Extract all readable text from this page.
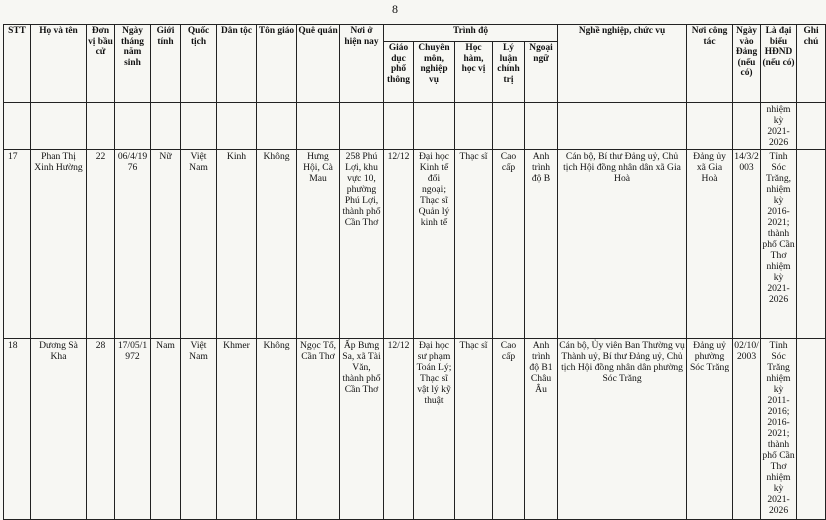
8
STT	Họ và tên	Đơn vị bầu cử	Ngày tháng năm sinh	Giới tính	Quốc tịch	Dân tộc	Tôn giáo	Quê quán	Nơi ở hiện nay	Trình độ					Nghề nghiệp, chức vụ	Nơi công tác	Ngày vào Đảng (nếu có)	Là đại biểu HĐND (nếu có)	Ghi chú
										Giáo dục phổ thông	Chuyên môn, nghiệp vụ	Học hàm, học vị	Lý luận chính trị	Ngoại ngữ					
																		nhiệm kỳ 2021-2026	
17	Phan Thị Xinh Hường	22	06/4/1976	Nữ	Việt Nam	Kinh	Không	Hưng Hội, Cà Mau	258 Phú Lợi, khu vực 10, phường Phú Lợi, thành phố Cần Thơ	12/12	Đại học Kinh tế đối ngoại; Thạc sĩ Quản lý kinh tế	Thạc sĩ	Cao cấp	Anh trình độ B	Cán bộ, Bí thư Đảng uỷ, Chủ tịch Hội đồng nhân dân xã Gia Hoà	Đảng ủy xã Gia Hoà	14/3/2003	Tỉnh Sóc Trăng, nhiệm kỳ 2016-2021; thành phố Cần Thơ nhiệm kỳ 2021-2026	
18	Dương Sà Kha	28	17/05/1972	Nam	Việt Nam	Khmer	Không	Ngọc Tố, Cần Thơ	Ấp Bưng Sa, xã Tài Văn, thành phố Cần Thơ	12/12	Đại học sư phạm Toán Lý; Thạc sĩ vật lý kỹ thuật	Thạc sĩ	Cao cấp	Anh trình độ B1 Châu Âu	Cán bộ, Ủy viên Ban Thường vụ Thành uỷ, Bí thư Đảng uỷ, Chủ tịch Hội đồng nhân dân phường Sóc Trăng	Đảng uỷ phường Sóc Trăng	02/10/2003	Tỉnh Sóc Trăng nhiệm kỳ 2011-2016; 2016-2021; thành phố Cần Thơ nhiệm kỳ 2021-2026	
